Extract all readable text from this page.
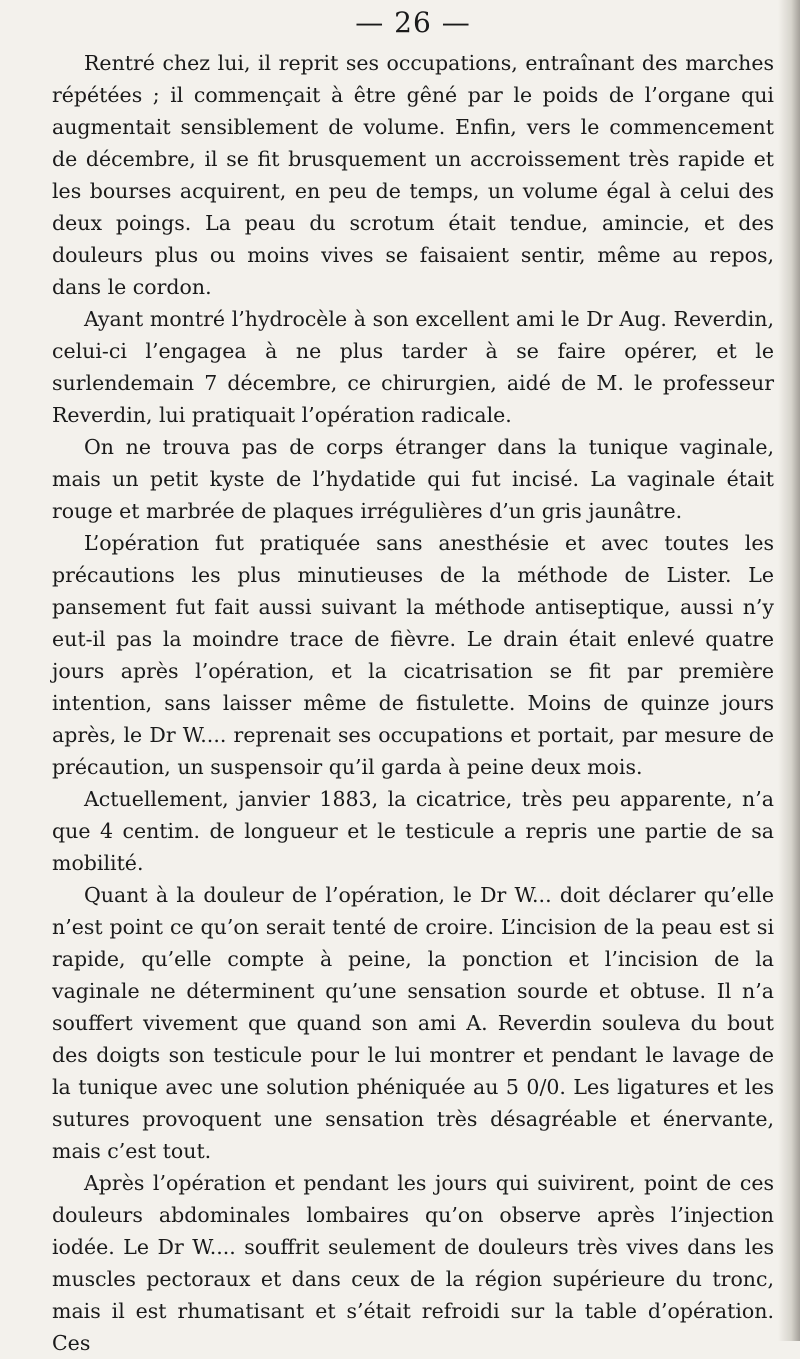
— 26 —

Rentré chez lui, il reprit ses occupations, entraînant des marches répétées ; il commençait à être gêné par le poids de l’organe qui augmentait sensiblement de volume. Enfin, vers le commencement de décembre, il se fit brusquement un accroissement très rapide et les bourses acquirent, en peu de temps, un volume égal à celui des deux poings. La peau du scrotum était tendue, amincie, et des douleurs plus ou moins vives se faisaient sentir, même au repos, dans le cordon.

Ayant montré l’hydrocèle à son excellent ami le Dr Aug. Reverdin, celui-ci l’engagea à ne plus tarder à se faire opérer, et le surlendemain 7 décembre, ce chirurgien, aidé de M. le professeur Reverdin, lui pratiquait l’opération radicale.

On ne trouva pas de corps étranger dans la tunique vaginale, mais un petit kyste de l’hydatide qui fut incisé. La vaginale était rouge et marbrée de plaques irrégulières d’un gris jaunâtre.

L’opération fut pratiquée sans anesthésie et avec toutes les précautions les plus minutieuses de la méthode de Lister. Le pansement fut fait aussi suivant la méthode antiseptique, aussi n’y eut-il pas la moindre trace de fièvre. Le drain était enlevé quatre jours après l’opération, et la cicatrisation se fit par première intention, sans laisser même de fistulette. Moins de quinze jours après, le Dr W.... reprenait ses occupations et portait, par mesure de précaution, un suspensoir qu’il garda à peine deux mois.

Actuellement, janvier 1883, la cicatrice, très peu apparente, n’a que 4 centim. de longueur et le testicule a repris une partie de sa mobilité.

Quant à la douleur de l’opération, le Dr W... doit déclarer qu’elle n’est point ce qu’on serait tenté de croire. L’incision de la peau est si rapide, qu’elle compte à peine, la ponction et l’incision de la vaginale ne déterminent qu’une sensation sourde et obtuse. Il n’a souffert vivement que quand son ami A. Reverdin souleva du bout des doigts son testicule pour le lui montrer et pendant le lavage de la tunique avec une solution phéniquée au 5 0/0. Les ligatures et les sutures provoquent une sensation très désagréable et énervante, mais c’est tout.

Après l’opération et pendant les jours qui suivirent, point de ces douleurs abdominales lombaires qu’on observe après l’injection iodée. Le Dr W.... souffrit seulement de douleurs très vives dans les muscles pectoraux et dans ceux de la région supérieure du tronc, mais il est rhumatisant et s’était refroidi sur la table d’opération. Ces
